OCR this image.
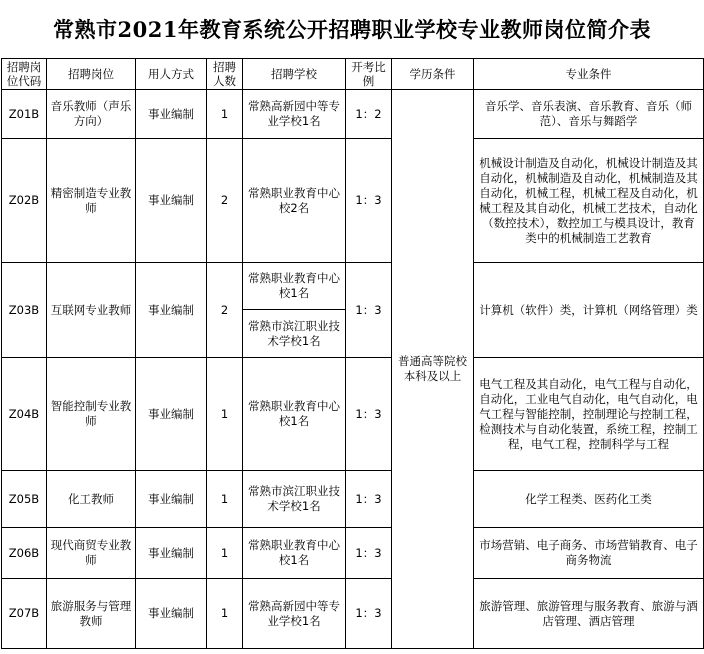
常熟市2021年教育系统公开招聘职业学校专业教师岗位简介表
招聘岗位代码	招聘岗位	用人方式	招聘人数	招聘学校	开考比例	学历条件	专业条件
Z01B	音乐教师（声乐方向）	事业编制	1	常熟高新园中等专业学校1名	1：2	普通高等院校本科及以上	音乐学、音乐表演、音乐教育、音乐（师范）、音乐与舞蹈学
Z02B	精密制造专业教师	事业编制	2	常熟职业教育中心校2名	1：3		机械设计制造及自动化，机械设计制造及其自动化，机械制造及自动化，机械制造及其自动化，机械工程，机械工程及自动化，机械工程及其自动化，机械工艺技术，自动化（数控技术），数控加工与模具设计，教育类中的机械制造工艺教育
Z03B	互联网专业教师	事业编制	2	常熟职业教育中心校1名	1：3		计算机（软件）类，计算机（网络管理）类
				常熟市滨江职业技术学校1名			
Z04B	智能控制专业教师	事业编制	1	常熟职业教育中心校1名	1：3		电气工程及其自动化，电气工程与自动化，自动化，工业电气自动化，电气自动化，电气工程与智能控制，控制理论与控制工程，检测技术与自动化装置，系统工程，控制工程，电气工程，控制科学与工程
Z05B	化工教师	事业编制	1	常熟市滨江职业技术学校1名	1：3		化学工程类、医药化工类
Z06B	现代商贸专业教师	事业编制	1	常熟职业教育中心校1名	1：3		市场营销、电子商务、市场营销教育、电子商务物流
Z07B	旅游服务与管理教师	事业编制	1	常熟高新园中等专业学校1名	1：3		旅游管理、旅游管理与服务教育、旅游与酒店管理、酒店管理
